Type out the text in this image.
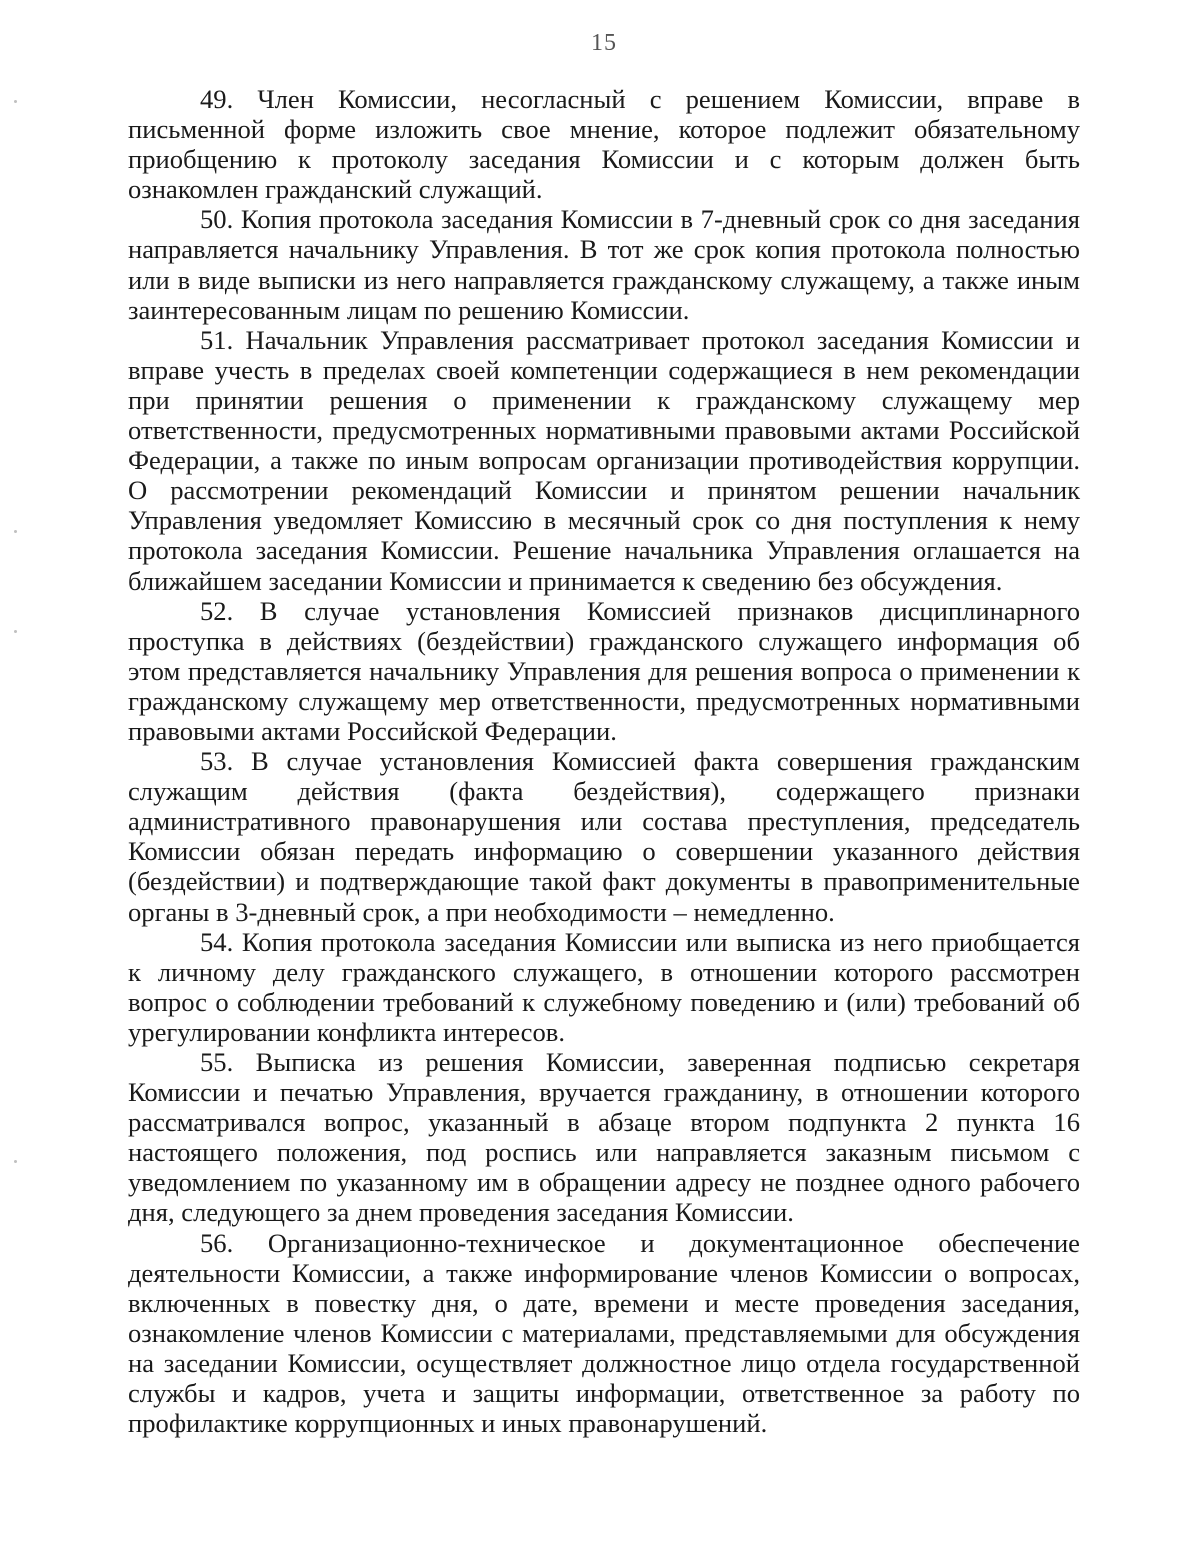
15

49. Член Комиссии, несогласный с решением Комиссии, вправе в письменной форме изложить свое мнение, которое подлежит обязательному приобщению к протоколу заседания Комиссии и с которым должен быть ознакомлен гражданский служащий.

50. Копия протокола заседания Комиссии в 7-дневный срок со дня заседания направляется начальнику Управления. В тот же срок копия протокола полностью или в виде выписки из него направляется гражданскому служащему, а также иным заинтересованным лицам по решению Комиссии.

51. Начальник Управления рассматривает протокол заседания Комиссии и вправе учесть в пределах своей компетенции содержащиеся в нем рекомендации при принятии решения о применении к гражданскому служащему мер ответственности, предусмотренных нормативными правовыми актами Российской Федерации, а также по иным вопросам организации противодействия коррупции. О рассмотрении рекомендаций Комиссии и принятом решении начальник Управления уведомляет Комиссию в месячный срок со дня поступления к нему протокола заседания Комиссии. Решение начальника Управления оглашается на ближайшем заседании Комиссии и принимается к сведению без обсуждения.

52. В случае установления Комиссией признаков дисциплинарного проступка в действиях (бездействии) гражданского служащего информация об этом представляется начальнику Управления для решения вопроса о применении к гражданскому служащему мер ответственности, предусмотренных нормативными правовыми актами Российской Федерации.

53. В случае установления Комиссией факта совершения гражданским служащим действия (факта бездействия), содержащего признаки административного правонарушения или состава преступления, председатель Комиссии обязан передать информацию о совершении указанного действия (бездействии) и подтверждающие такой факт документы в правоприменительные органы в 3-дневный срок, а при необходимости – немедленно.

54. Копия протокола заседания Комиссии или выписка из него приобщается к личному делу гражданского служащего, в отношении которого рассмотрен вопрос о соблюдении требований к служебному поведению и (или) требований об урегулировании конфликта интересов.

55. Выписка из решения Комиссии, заверенная подписью секретаря Комиссии и печатью Управления, вручается гражданину, в отношении которого рассматривался вопрос, указанный в абзаце втором подпункта 2 пункта 16 настоящего положения, под роспись или направляется заказным письмом с уведомлением по указанному им в обращении адресу не позднее одного рабочего дня, следующего за днем проведения заседания Комиссии.

56. Организационно-техническое и документационное обеспечение деятельности Комиссии, а также информирование членов Комиссии о вопросах, включенных в повестку дня, о дате, времени и месте проведения заседания, ознакомление членов Комиссии с материалами, представляемыми для обсуждения на заседании Комиссии, осуществляет должностное лицо отдела государственной службы и кадров, учета и защиты информации, ответственное за работу по профилактике коррупционных и иных правонарушений.
